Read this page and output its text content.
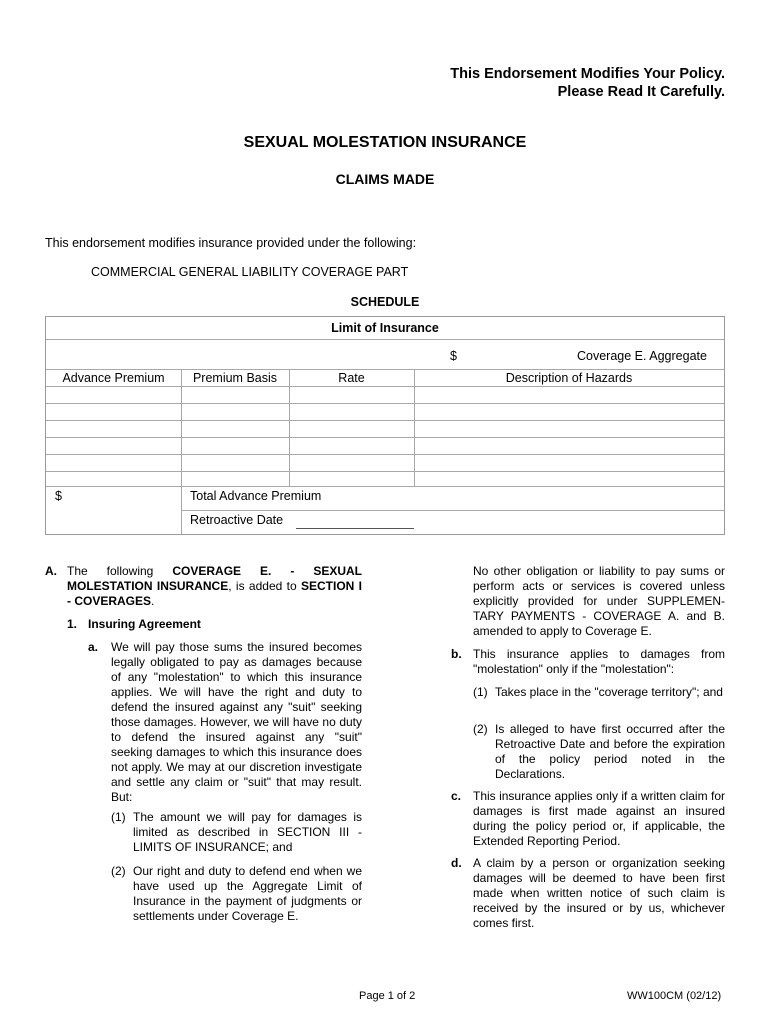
This Endorsement Modifies Your Policy.
Please Read It Carefully.
SEXUAL MOLESTATION INSURANCE
CLAIMS MADE
This endorsement modifies insurance provided under the following:
COMMERCIAL GENERAL LIABILITY COVERAGE PART
SCHEDULE
Limit of Insurance
$	Coverage E. Aggregate
Advance Premium	Premium Basis	Rate	Description of Hazards
$	Total Advance Premium
Retroactive Date
A. The following COVERAGE E. - SEXUAL MOLESTATION INSURANCE, is added to SECTION I - COVERAGES.

1. Insuring Agreement
a. We will pay those sums the insured becomes legally obligated to pay as damages because of any "molestation" to which this insurance applies. We will have the right and duty to defend the insured against any "suit" seeking those damages. However, we will have no duty to defend the insured against any "suit" seeking damages to which this insurance does not apply. We may at our discretion investigate and settle any claim or "suit" that may result. But:

(1) The amount we will pay for damages is limited as described in SECTION III - LIMITS OF INSURANCE; and

(2) Our right and duty to defend end when we have used up the Aggregate Limit of Insurance in the payment of judgments or settlements under Coverage E.

No other obligation or liability to pay sums or perform acts or services is covered unless explicitly provided for under SUPPLEMEN-TARY PAYMENTS - COVERAGE A. and B. amended to apply to Coverage E.

b. This insurance applies to damages from "molestation" only if the "molestation":

(1) Takes place in the "coverage territory"; and

(2) Is alleged to have first occurred after the Retroactive Date and before the expiration of the policy period noted in the Declarations.

c. This insurance applies only if a written claim for damages is first made against an insured during the policy period or, if applicable, the Extended Reporting Period.

d. A claim by a person or organization seeking damages will be deemed to have been first made when written notice of such claim is received by the insured or by us, whichever comes first.

Page 1 of 2	WW100CM (02/12)
